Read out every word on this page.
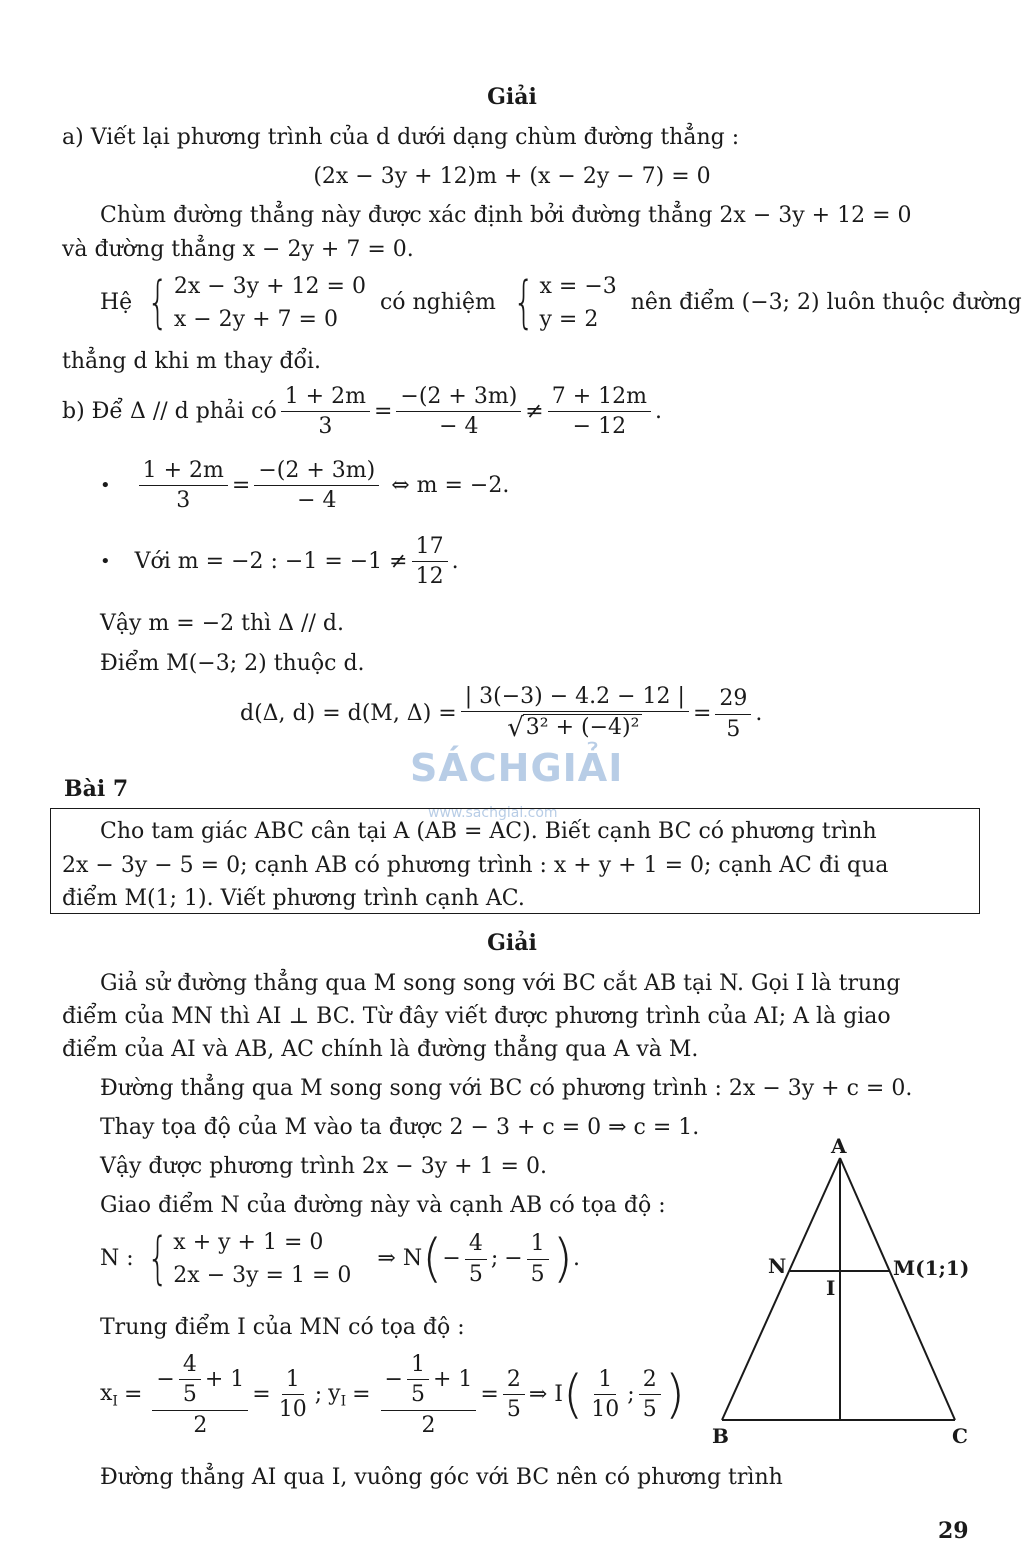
Giải
a) Viết lại phương trình của d dưới dạng chùm đường thẳng :
(2x − 3y + 12)m + (x − 2y − 7) = 0
Chùm đường thẳng này được xác định bởi đường thẳng 2x − 3y + 12 = 0
và đường thẳng x − 2y + 7 = 0.
Hệ { 2x − 3y + 12 = 0
x − 2y + 7 = 0
có nghiệm { x = −3
y = 2
nên điểm (−3; 2) luôn thuộc đường
thẳng d khi m thay đổi.
b) Để Δ // d phải có $\frac{1 + 2m}{3} = \frac{-(2 + 3m)}{- 4} \ne \frac{7 + 12m}{- 12}$ .
• $\frac{1 + 2m}{3} = \frac{-(2 + 3m)}{- 4}$ ⇔ m = −2.
• Với m = −2 : $-1 = -1 \ne \frac{17}{12}$ .
Vậy m = −2 thì Δ // d.
Điểm M(−3; 2) thuộc d.
d(Δ, d) = d(M, $\Delta) = \frac{| 3(-3) - 4.2 - 12 |}{\text{√ 3² + (−4)²}} = \frac{29}{5}$ .
SÁCHGIẢI
www.sachgiai.com
Bài 7
Cho tam giác ABC cân tại A (AB = AC). Biết cạnh BC có phương trình
2x − 3y − 5 = 0; cạnh AB có phương trình : x + y + 1 = 0; cạnh AC đi qua
điểm M(1; 1). Viết phương trình cạnh AC.
Giải
Giả sử đường thẳng qua M song song với BC cắt AB tại N. Gọi I là trung
điểm của MN thì AI ⊥ BC. Từ đây viết được phương trình của AI; A là giao
điểm của AI và AB, AC chính là đường thẳng qua A và M.
Đường thẳng qua M song song với BC có phương trình : 2x − 3y + c = 0.
Thay tọa độ của M vào ta được 2 − 3 + c = 0 ⇒ c = 1.
Vậy được phương trình 2x − 3y + 1 = 0.
Giao điểm N của đường này và cạnh AB có tọa độ :
N : { x + y + 1 = 0
2x − 3y = 1 = 0
⇒ N ( − $\frac{4}{5}$ ; − $\frac{1}{5}$ ) .
Trung điểm I của MN có tọa độ :
$x_I = \frac{- \frac{4}{5} + 1}{2} = \frac{1}{10}$ ; $y_I = \frac{- \frac{1}{5} + 1}{2} = \frac{2}{5}$ ⇒ I ( $\frac{1}{10}$ ; $\frac{2}{5}$ )
Đường thẳng AI qua I, vuông góc với BC nên có phương trình
A
B	C
N
I
M(1;1)
29
